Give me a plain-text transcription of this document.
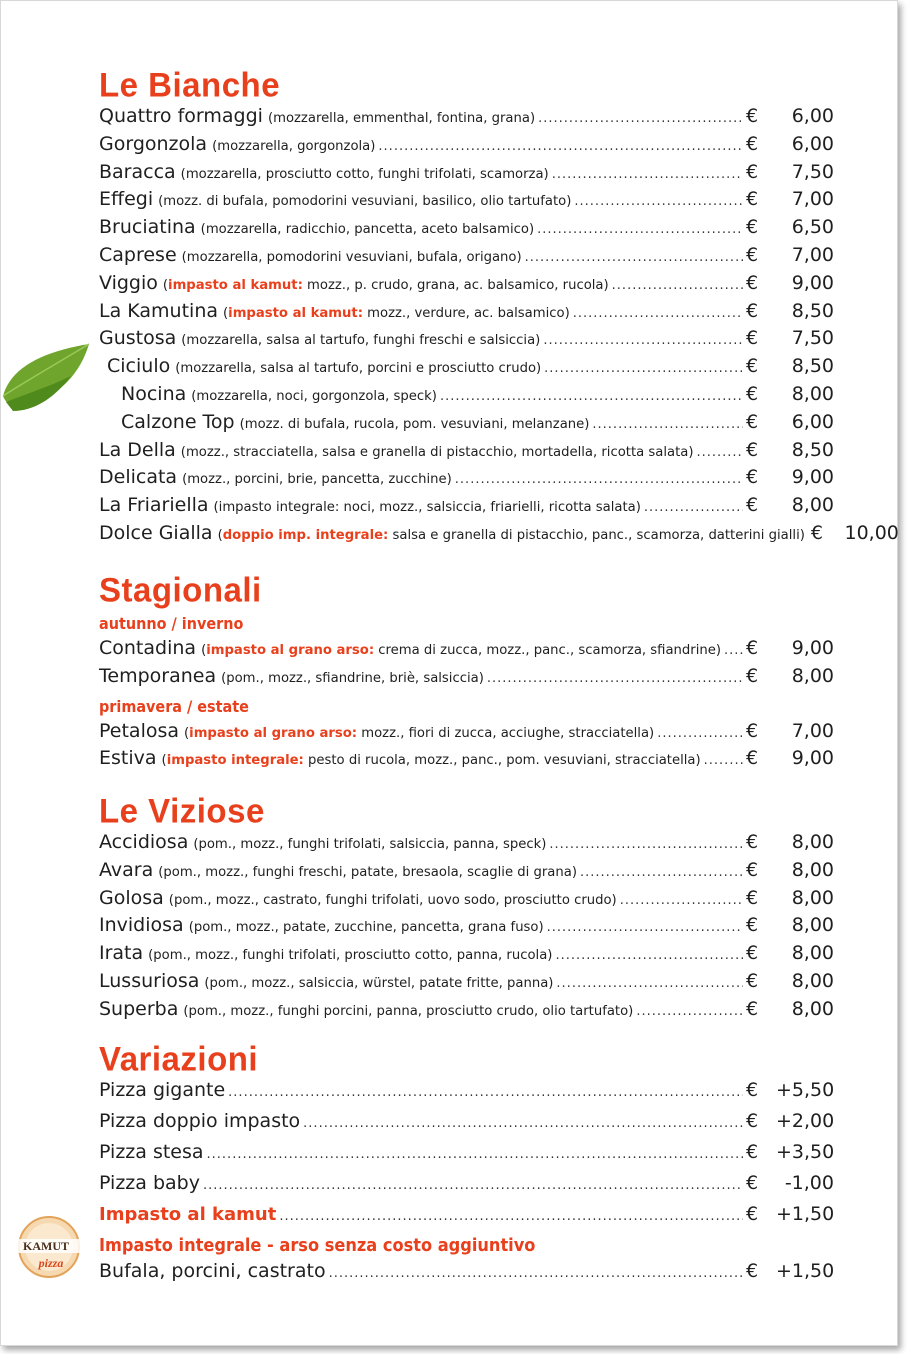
Le Bianche
Quattro formaggi (mozzarella, emmenthal, fontina, grana) .....	€	6,00
Gorgonzola (mozzarella, gorgonzola) .....	€	6,00
Baracca (mozzarella, prosciutto cotto, funghi trifolati, scamorza) .....	€	7,50
Effegi (mozz. di bufala, pomodorini vesuviani, basilico, olio tartufato) .....	€	7,00
Bruciatina (mozzarella, radicchio, pancetta, aceto balsamico) .....	€	6,50
Caprese (mozzarella, pomodorini vesuviani, bufala, origano) .....	€	7,00
Viggio (impasto al kamut: mozz., p. crudo, grana, ac. balsamico, rucola) .....	€	9,00
La Kamutina (impasto al kamut: mozz., verdure, ac. balsamico) .....	€	8,50
Gustosa (mozzarella, salsa al tartufo, funghi freschi e salsiccia) .....	€	7,50
Ciciulo (mozzarella, salsa al tartufo, porcini e prosciutto crudo) .....	€	8,50
Nocina (mozzarella, noci, gorgonzola, speck) .....	€	8,00
Calzone Top (mozz. di bufala, rucola, pom. vesuviani, melanzane) .....	€	6,00
La Della (mozz., stracciatella, salsa e granella di pistacchio, mortadella, ricotta salata) .....	€	8,50
Delicata (mozz., porcini, brie, pancetta, zucchine) .....	€	9,00
La Friariella (impasto integrale: noci, mozz., salsiccia, friarielli, ricotta salata) .....	€	8,00
Dolce Gialla (doppio imp. integrale: salsa e granella di pistacchio, panc., scamorza, datterini gialli) €	10,00
Stagionali
autunno / inverno
Contadina (impasto al grano arso: crema di zucca, mozz., panc., scamorza, sfiandrine) ..... €	9,00
Temporanea (pom., mozz., sfiandrine, briè, salsiccia) .....	€	8,00
primavera / estate
Petalosa (impasto al grano arso: mozz., fiori di zucca, acciughe, stracciatella) .....	€	7,00
Estiva (impasto integrale: pesto di rucola, mozz., panc., pom. vesuviani, stracciatella) ..... €	9,00
Le Viziose
Accidiosa (pom., mozz., funghi trifolati, salsiccia, panna, speck) .....	€	8,00
Avara (pom., mozz., funghi freschi, patate, bresaola, scaglie di grana) .....	€	8,00
Golosa (pom., mozz., castrato, funghi trifolati, uovo sodo, prosciutto crudo) .....	€	8,00
Invidiosa (pom., mozz., patate, zucchine, pancetta, grana fuso) .....	€	8,00
Irata (pom., mozz., funghi trifolati, prosciutto cotto, panna, rucola) .....	€	8,00
Lussuriosa (pom., mozz., salsiccia, würstel, patate fritte, panna) .....	€	8,00
Superba (pom., mozz., funghi porcini, panna, prosciutto crudo, olio tartufato) .....	€	8,00
Variazioni
Pizza gigante .....	€ +5,50
Pizza doppio impasto .....	€ +2,00
Pizza stesa .....	€ +3,50
Pizza baby .....	€	-1,00
Impasto al kamut .....	€ +1,50
Impasto integrale - arso senza costo aggiuntivo
Bufala, porcini, castrato .....	€ +1,50
KAMUT
pizza
